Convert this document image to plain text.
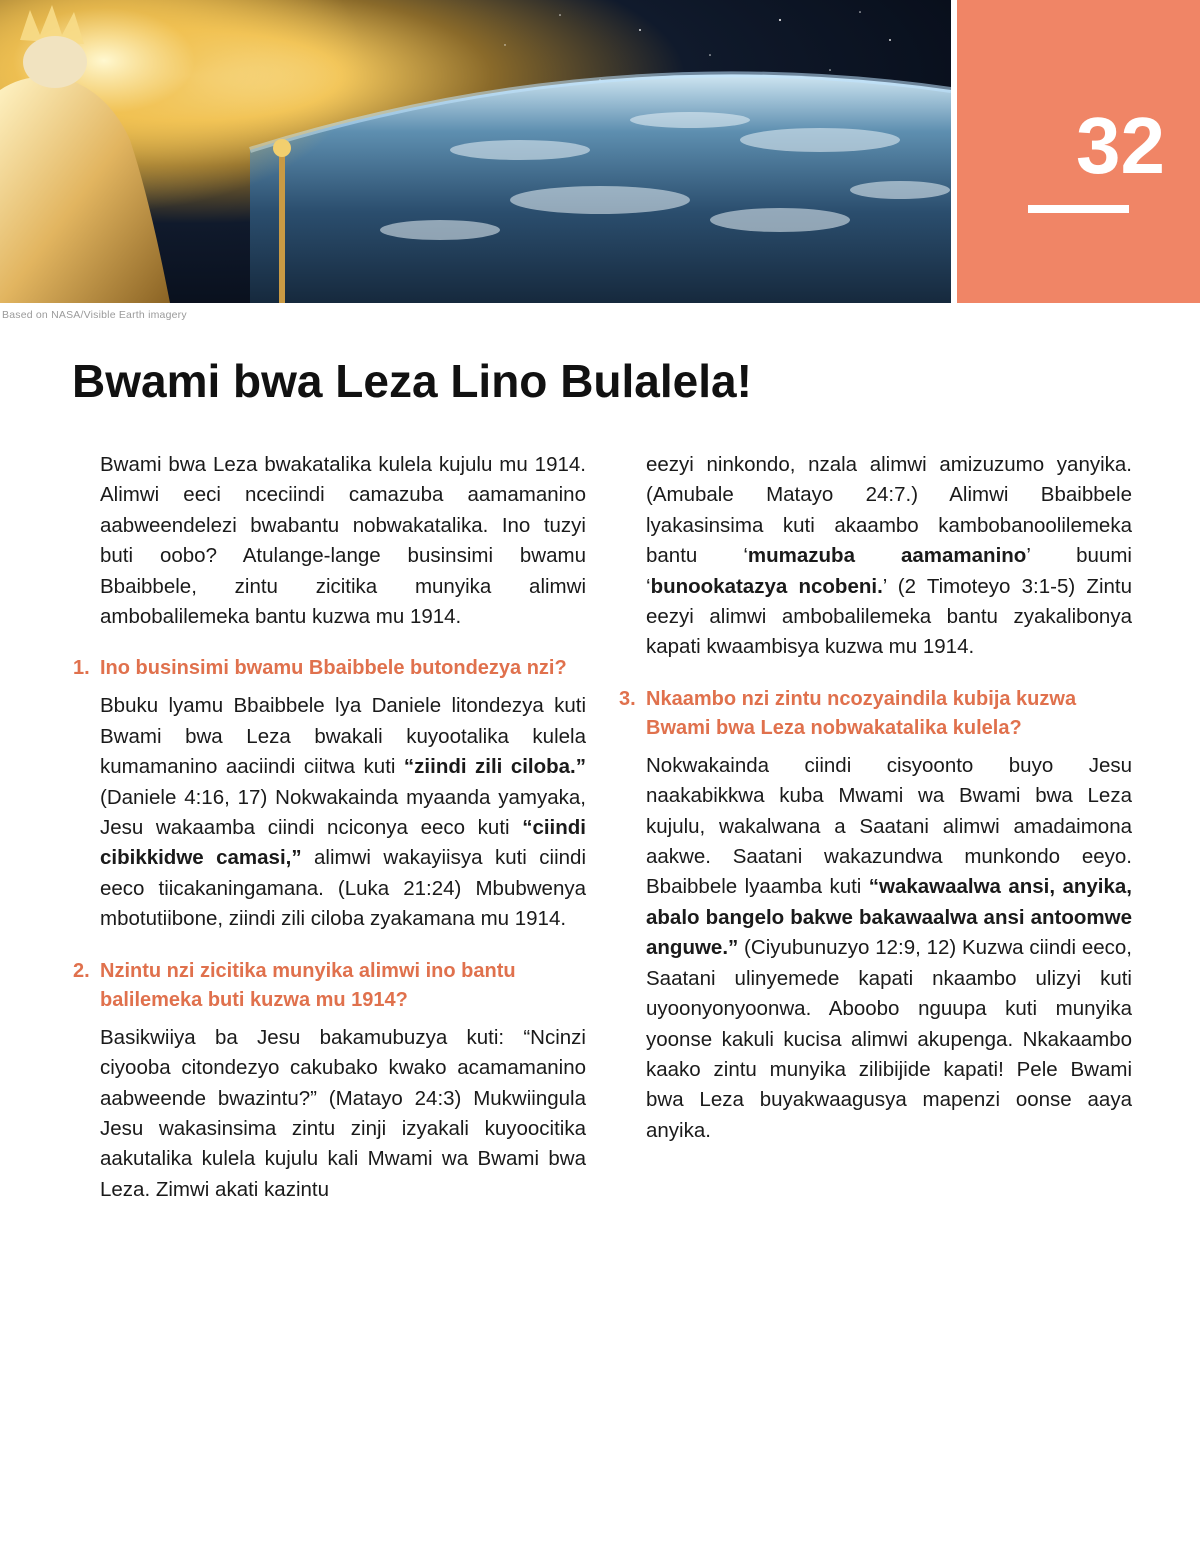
32
Based on NASA/Visible Earth imagery
Bwami bwa Leza Lino Bulalela!

Bwami bwa Leza bwakatalika kulela kujulu mu 1914. Alimwi eeci nceciindi camazuba aamamanino aabweendelezi bwabantu nobwakatalika. Ino tuzyi buti oobo? Atulange-lange businsimi bwamu Bbaibbele, zintu zicitika munyika alimwi ambobalilemeka bantu kuzwa mu 1914.

1. Ino businsimi bwamu Bbaibbele butondezya nzi?

Bbuku lyamu Bbaibbele lya Daniele litondezya kuti Bwami bwa Leza bwakali kuyootalika kulela kumamanino aaciindi ciitwa kuti “ziindi zili ciloba.” (Daniele 4:16, 17) Nokwakainda myaanda yamyaka, Jesu wakaamba ciindi nciconya eeco kuti “ciindi cibikkidwe camasi,” alimwi wakayiisya kuti ciindi eeco tiicakaningamana. (Luka 21:24) Mbubwenya mbotutiibone, ziindi zili ciloba zyakamana mu 1914.

2. Nzintu nzi zicitika munyika alimwi ino bantu balilemeka buti kuzwa mu 1914?

Basikwiiya ba Jesu bakamubuzya kuti: “Ncinzi ciyooba citondezyo cakubako kwako acamamanino aabweende bwazintu?” (Matayo 24:3) Mukwiingula Jesu wakasinsima zintu zinji izyakali kuyoocitika aakutalika kulela kujulu kali Mwami wa Bwami bwa Leza. Zimwi akati kazintu

eezyi ninkondo, nzala alimwi amizuzumo yanyika. (Amubale Matayo 24:7.) Alimwi Bbaibbele lyakasinsima kuti akaambo kambobanoolilemeka bantu ‘mumazuba aamamanino’ buumi ‘bunookatazya ncobeni.’ (2 Timoteyo 3:1-5) Zintu eezyi alimwi ambobalilemeka bantu zyakalibonya kapati kwaambisya kuzwa mu 1914.

3. Nkaambo nzi zintu ncozyaindila kubija kuzwa Bwami bwa Leza nobwakatalika kulela?

Nokwakainda ciindi cisyoonto buyo Jesu naakabikkwa kuba Mwami wa Bwami bwa Leza kujulu, wakalwana a Saatani alimwi amadaimona aakwe. Saatani wakazundwa munkondo eeyo. Bbaibbele lyaamba kuti “wakawaalwa ansi, anyika, abalo bangelo bakwe bakawaalwa ansi antoomwe anguwe.” (Ciyubunuzyo 12:9, 12) Kuzwa ciindi eeco, Saatani ulinyemede kapati nkaambo ulizyi kuti uyoonyonyoonwa. Aboobo nguupa kuti munyika yoonse kakuli kucisa alimwi akupenga. Nkakaambo kaako zintu munyika zilibijide kapati! Pele Bwami bwa Leza buyakwaagusya mapenzi oonse aaya anyika.
